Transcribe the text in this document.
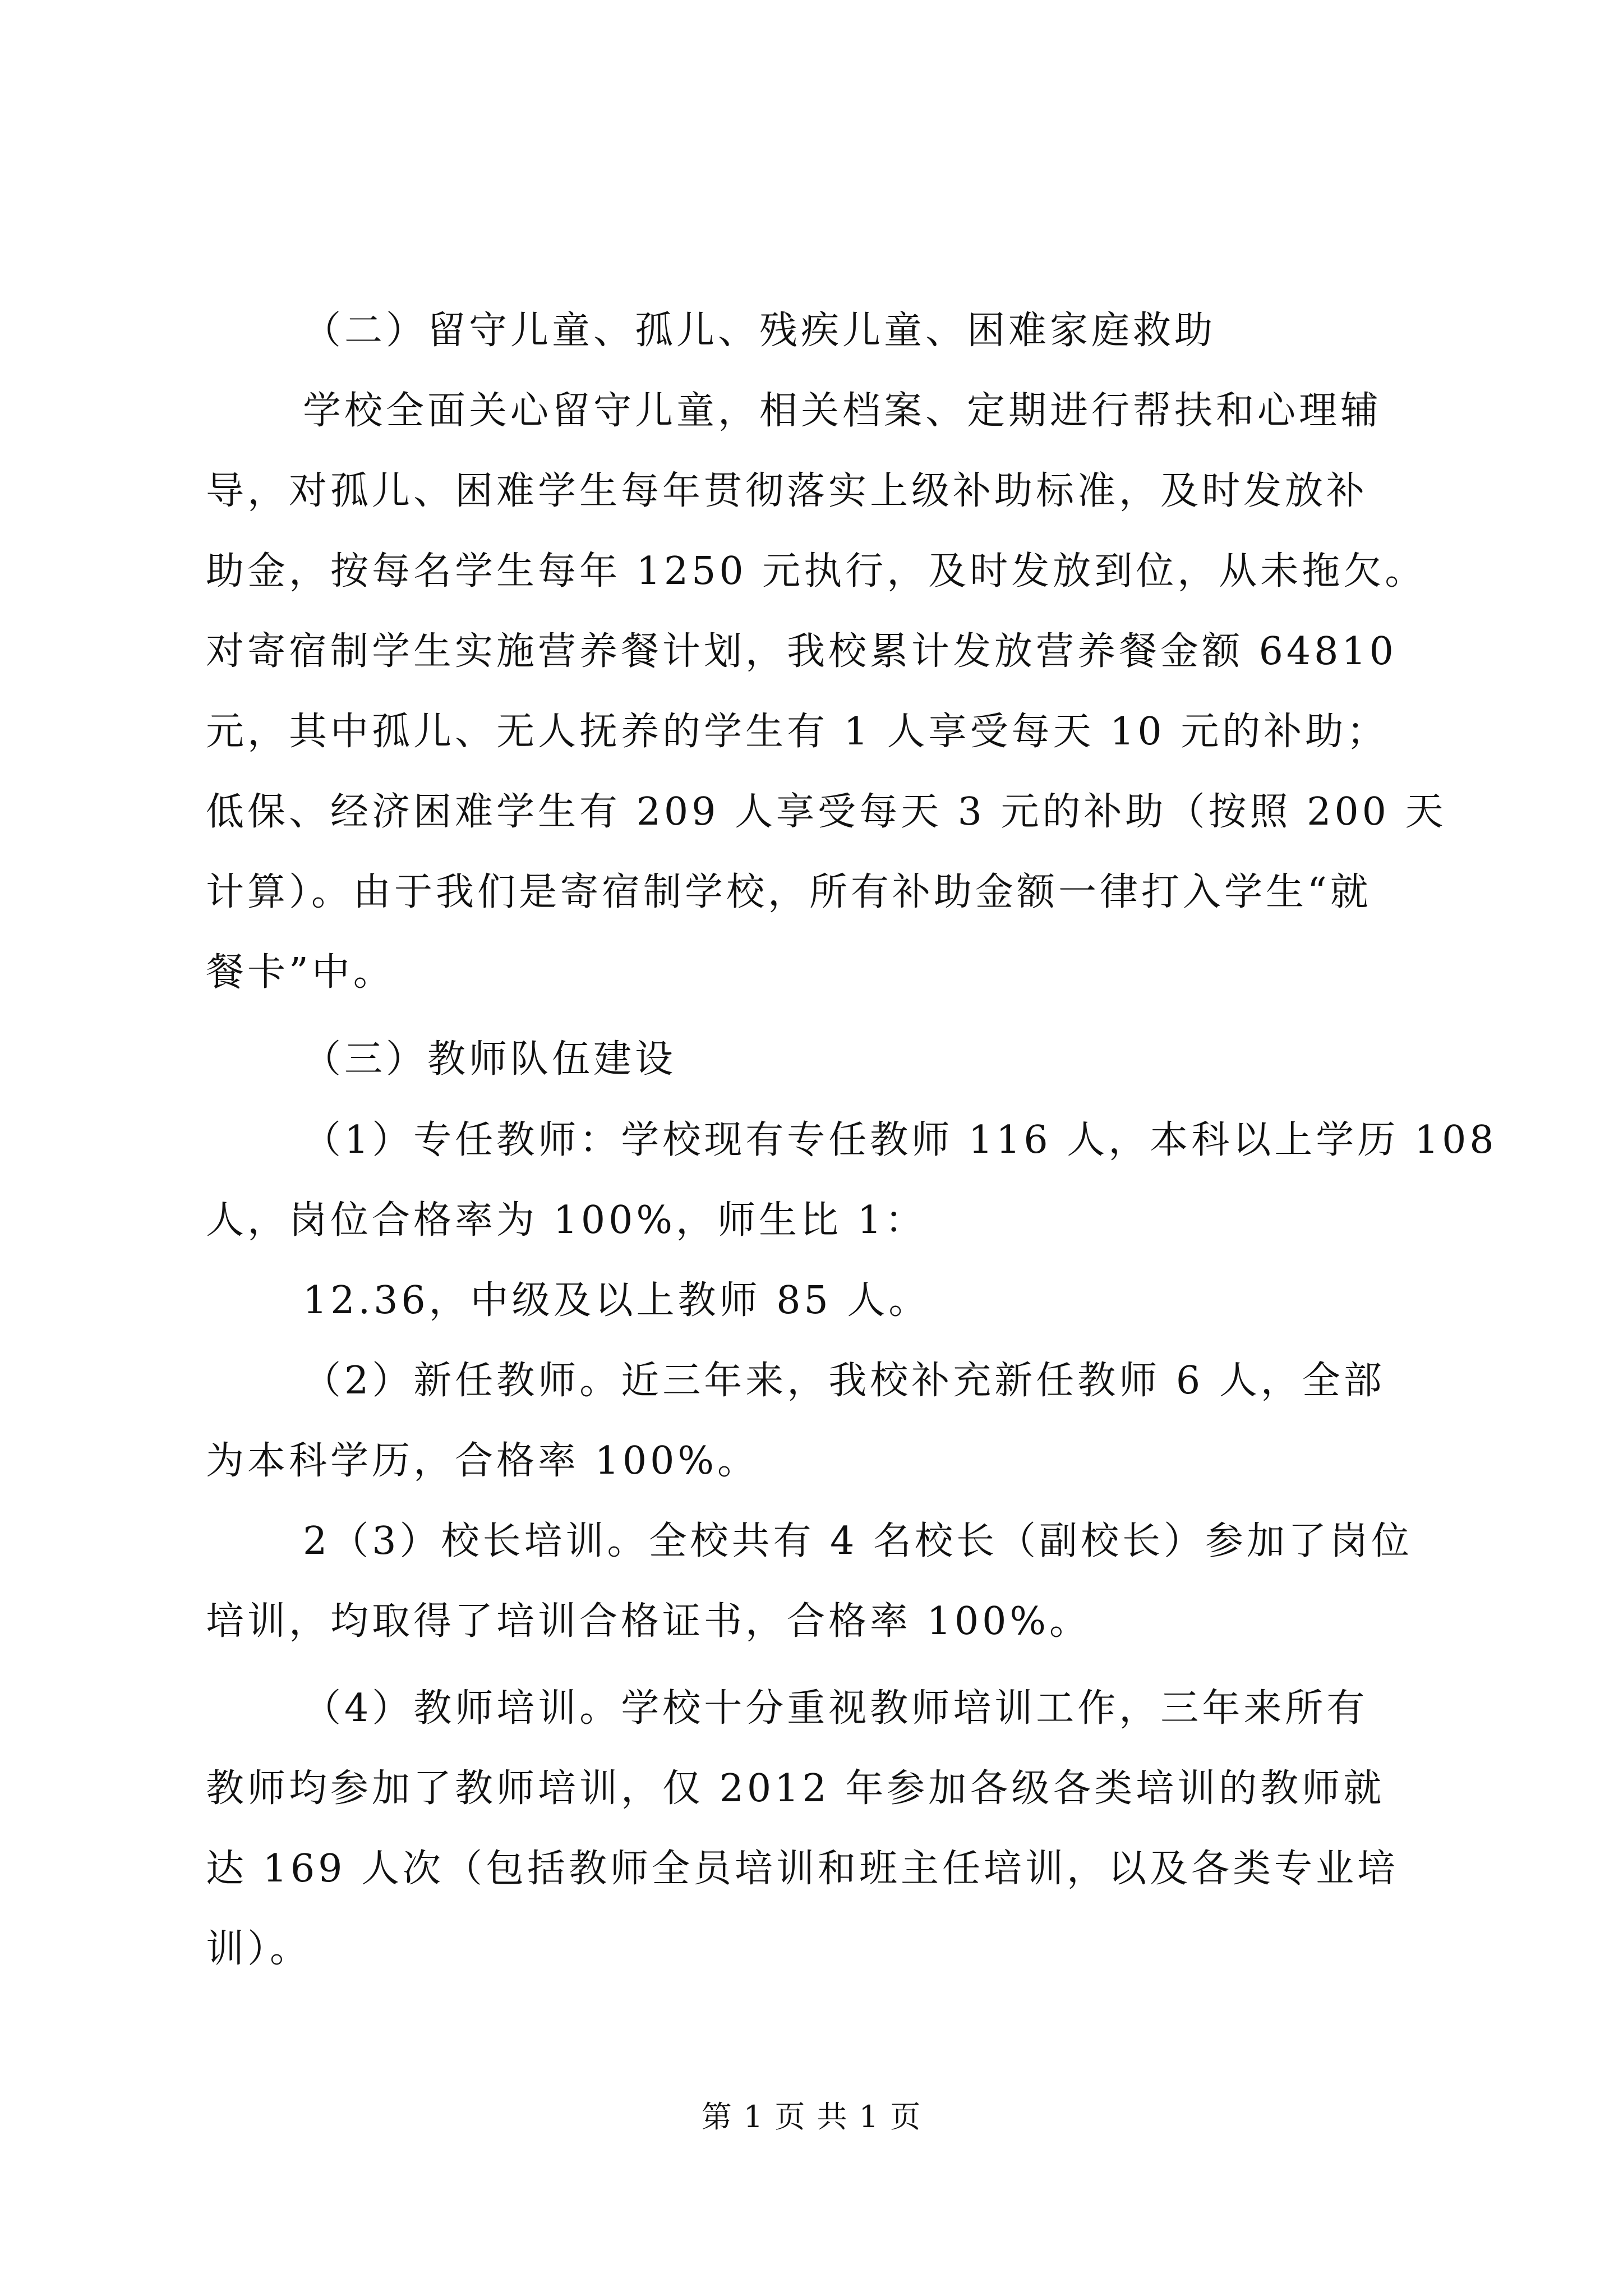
（二）留守儿童、孤儿、残疾儿童、困难家庭救助

学校全面关心留守儿童，相关档案、定期进行帮扶和心理辅

导，对孤儿、困难学生每年贯彻落实上级补助标准，及时发放补

助金，按每名学生每年 1250 元执行，及时发放到位，从未拖欠。

对寄宿制学生实施营养餐计划，我校累计发放营养餐金额 64810

元，其中孤儿、无人抚养的学生有 1 人享受每天 10 元的补助；

低保、经济困难学生有 209 人享受每天 3 元的补助（按照 200 天

计算）。由于我们是寄宿制学校，所有补助金额一律打入学生“就

餐卡”中。

（三）教师队伍建设

（1）专任教师：学校现有专任教师 116 人，本科以上学历 108

人，岗位合格率为 100%，师生比 1：

12.36，中级及以上教师 85 人。

（2）新任教师。近三年来，我校补充新任教师 6 人，全部

为本科学历，合格率 100%。

2（3）校长培训。全校共有 4 名校长（副校长）参加了岗位

培训，均取得了培训合格证书，合格率 100%。

（4）教师培训。学校十分重视教师培训工作，三年来所有

教师均参加了教师培训，仅 2012 年参加各级各类培训的教师就

达 169 人次（包括教师全员培训和班主任培训，以及各类专业培

训）。

第 1 页 共 1 页
